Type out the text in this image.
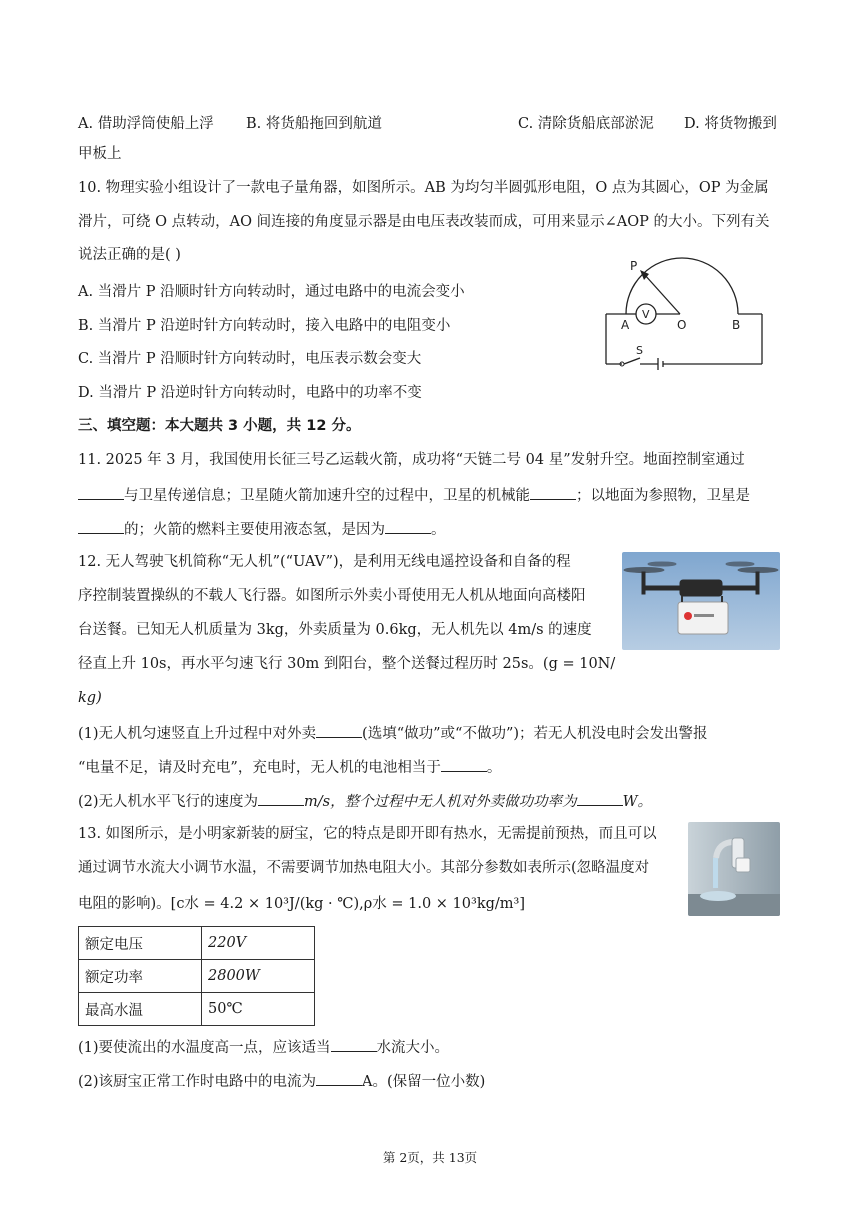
A. 借助浮筒使船上浮 B. 将货船拖回到航道	C. 清除货船底部淤泥 D. 将货物搬到
甲板上
10. 物理实验小组设计了一款电子量角器，如图所示。AB 为均匀半圆弧形电阻，O 点为其圆心，OP 为金属
滑片，可绕 O 点转动，AO 间连接的角度显示器是由电压表改装而成，可用来显示∠AOP 的大小。下列有关
说法正确的是( )
A. 当滑片 P 沿顺时针方向转动时，通过电路中的电流会变小
B. 当滑片 P 沿逆时针方向转动时，接入电路中的电阻变小
C. 当滑片 P 沿顺时针方向转动时，电压表示数会变大
D. 当滑片 P 沿逆时针方向转动时，电路中的功率不变
P
V
A	O	B
S
三、填空题：本大题共 3 小题，共 12 分。
11. 2025 年 3 月，我国使用长征三号乙运载火箭，成功将“天链二号 04 星”发射升空。地面控制室通过
与卫星传递信息；卫星随火箭加速升空的过程中，卫星的机械能	；以地面为参照物，卫星是
的；火箭的燃料主要使用液态氢，是因为	。
12. 无人驾驶飞机简称“无人机”(“UAV”)，是利用无线电遥控设备和自备的程
序控制装置操纵的不载人飞行器。如图所示外卖小哥使用无人机从地面向高楼阳
台送餐。已知无人机质量为 3kg，外卖质量为 0.6kg，无人机先以 4m/s 的速度
径直上升 10s，再水平匀速飞行 30m 到阳台，整个送餐过程历时 25s。(g = 10N/
kg)
(1)无人机匀速竖直上升过程中对外卖	(选填“做功”或“不做功”)；若无人机没电时会发出警报
“电量不足，请及时充电”，充电时，无人机的电池相当于	。
(2)无人机水平飞行的速度为	m/s，整个过程中无人机对外卖做功功率为	W。
13. 如图所示，是小明家新装的厨宝，它的特点是即开即有热水，无需提前预热，而且可以
通过调节水流大小调节水温，不需要调节加热电阻大小。其部分参数如表所示(忽略温度对
电阻的影响)。[c水 = 4.2 × 10³J/(kg · ℃),ρ水 = 1.0 × 10³kg/m³]
额定电压	220V
额定功率	2800W
最高水温	50℃
(1)要使流出的水温度高一点，应该适当	水流大小。
(2)该厨宝正常工作时电路中的电流为	A。(保留一位小数)
第 2页，共 13页
